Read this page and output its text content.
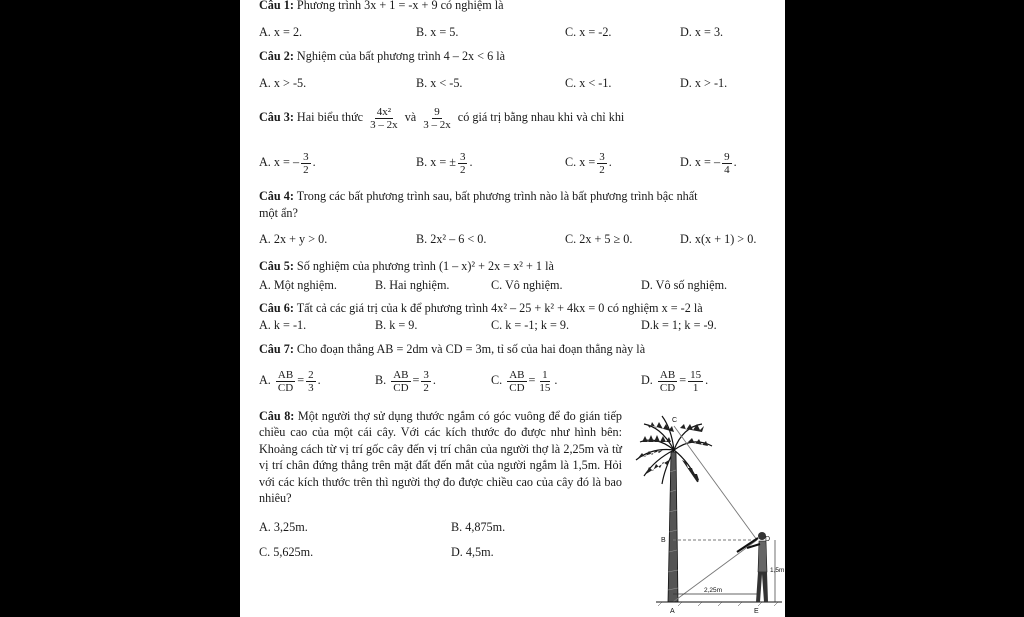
Câu 1: Phương trình 3x + 1 = -x + 9 có nghiệm là
A. x = 2.	B. x = 5.	C. x = -2.	D. x = 3.
Câu 2: Nghiệm của bất phương trình 4 – 2x < 6 là
A. x > -5.	B. x < -5.	C. x < -1.	D. x > -1.
Câu 3: Hai biểu thức $\frac{\text{4x²}}{3 - 2x}$ và $\frac{9}{3 - 2x}$ có giá trị bằng nhau khi và chỉ khi
A. x = – $\frac{3}{2}$ .	B. x = ± $\frac{3}{2}$ .	C. $x = \frac{3}{2}$ .	D. x = – $\frac{9}{4}$ .
Câu 4: Trong các bất phương trình sau, bất phương trình nào là bất phương trình bậc nhất
một ẩn?
A. 2x + y > 0.	B. 2x² – 6 < 0.	C. 2x + 5 ≥ 0.	D. x(x + 1) > 0.
Câu 5: Số nghiệm của phương trình (1 – x)² + 2x = x² + 1 là
A. Một nghiệm.	B. Hai nghiệm.	C. Vô nghiệm.	D. Vô số nghiệm.
Câu 6: Tất cả các giá trị của k để phương trình 4x² – 25 + k² + 4kx = 0 có nghiệm x = -2 là
A. k = -1.	B. k = 9.	C. k = -1; k = 9.	D.k = 1; k = -9.
Câu 7: Cho đoạn thẳng AB = 2dm và CD = 3m, tỉ số của hai đoạn thẳng này là
A. $\frac{AB}{CD} = \frac{2}{3}$ .	B. $\frac{AB}{CD} = \frac{3}{2}$ .	C. $\frac{AB}{CD} = \frac{1}{15}$ .	D. $\frac{AB}{CD} = \frac{15}{1}$ .
Câu 8: Một người thợ sử dụng thước ngắm có góc vuông để đo gián tiếp chiều cao của một cái cây. Với các kích thước đo được như hình bên: Khoảng cách từ vị trí gốc cây đến vị trí chân của người thợ là 2,25m và từ vị trí chân đứng thẳng trên mặt đất đến mắt của người ngắm là 1,5m. Hỏi với các kích thước trên thì người thợ đo được chiều cao của cây đó là bao nhiêu?
A. 3,25m.	B. 4,875m.
C. 5,625m.	D. 4,5m.
C
B	D
A	E
1,5m
2,25m
